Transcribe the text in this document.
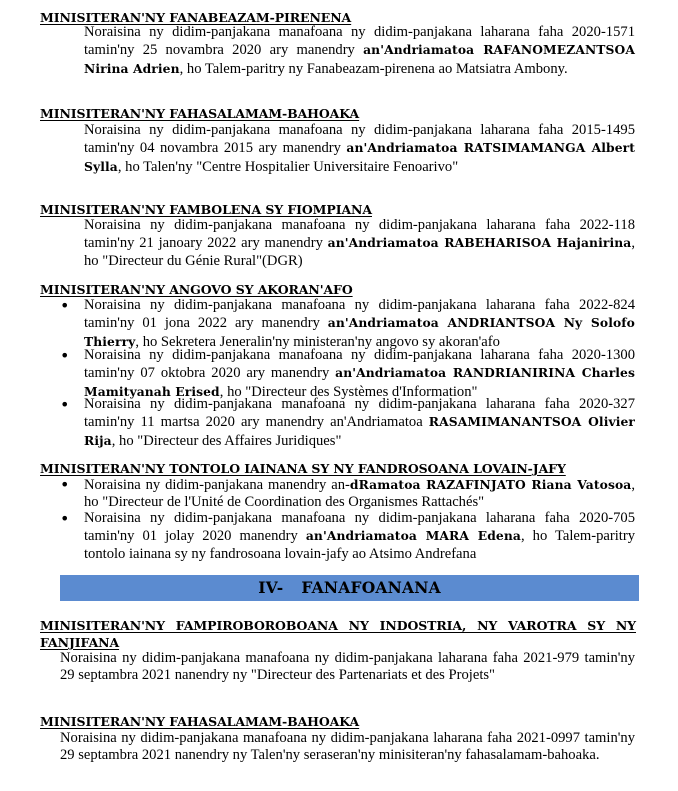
MINISITERAN'NY FANABEAZAM-PIRENENA

Noraisina ny didim-panjakana manafoana ny didim-panjakana laharana faha 2020-1571 tamin'ny 25 novambra 2020 ary manendry an'Andriamatoa RAFANOMEZANTSOA Nirina Adrien, ho Talem-paritry ny Fanabeazam-pirenena ao Matsiatra Ambony.

MINISITERAN'NY FAHASALAMAM-BAHOAKA

Noraisina ny didim-panjakana manafoana ny didim-panjakana laharana faha 2015-1495 tamin'ny 04 novambra 2015 ary manendry an'Andriamatoa RATSIMAMANGA Albert Sylla, ho Talen'ny "Centre Hospitalier Universitaire Fenoarivo"

MINISITERAN'NY FAMBOLENA SY FIOMPIANA

Noraisina ny didim-panjakana manafoana ny didim-panjakana laharana faha 2022-118 tamin'ny 21 janoary 2022 ary manendry an'Andriamatoa RABEHARISOA Hajanirina, ho "Directeur du Génie Rural"(DGR)

MINISITERAN'NY ANGOVO SY AKORAN'AFO
• Noraisina ny didim-panjakana manafoana ny didim-panjakana laharana faha 2022-824 tamin'ny 01 jona 2022 ary manendry an'Andriamatoa ANDRIANTSOA Ny Solofo Thierry, ho Sekretera Jeneralin'ny ministeran'ny angovo sy akoran'afo

• Noraisina ny didim-panjakana manafoana ny didim-panjakana laharana faha 2020-1300 tamin'ny 07 oktobra 2020 ary manendry an'Andriamatoa RANDRIANIRINA Charles Mamityanah Erised, ho "Directeur des Systèmes d'Information"

• Noraisina ny didim-panjakana manafoana ny didim-panjakana laharana faha 2020-327 tamin'ny 11 martsa 2020 ary manendry an'Andriamatoa RASAMIMANANTSOA Olivier Rija, ho "Directeur des Affaires Juridiques"

MINISITERAN'NY TONTOLO IAINANA SY NY FANDROSOANA LOVAIN-JAFY
• Noraisina ny didim-panjakana manendry an-dRamatoa RAZAFINJATO Riana Vatosoa, ho "Directeur de l'Unité de Coordination des Organismes Rattachés"

• Noraisina ny didim-panjakana manafoana ny didim-panjakana laharana faha 2020-705 tamin'ny 01 jolay 2020 manendry an'Andriamatoa MARA Edena, ho Talem-paritry tontolo iainana sy ny fandrosoana lovain-jafy ao Atsimo Andrefana

IV- FANAFOANANA
MINISITERAN'NY FAMPIROBOROBOANA NY INDOSTRIA, NY VAROTRA SY NY FANJIFANA

Noraisina ny didim-panjakana manafoana ny didim-panjakana laharana faha 2021-979 tamin'ny 29 septambra 2021 nanendry ny "Directeur des Partenariats et des Projets"

MINISITERAN'NY FAHASALAMAM-BAHOAKA

Noraisina ny didim-panjakana manafoana ny didim-panjakana laharana faha 2021-0997 tamin'ny 29 septambra 2021 nanendry ny Talen'ny seraseran'ny minisiteran'ny fahasalamam-bahoaka.
